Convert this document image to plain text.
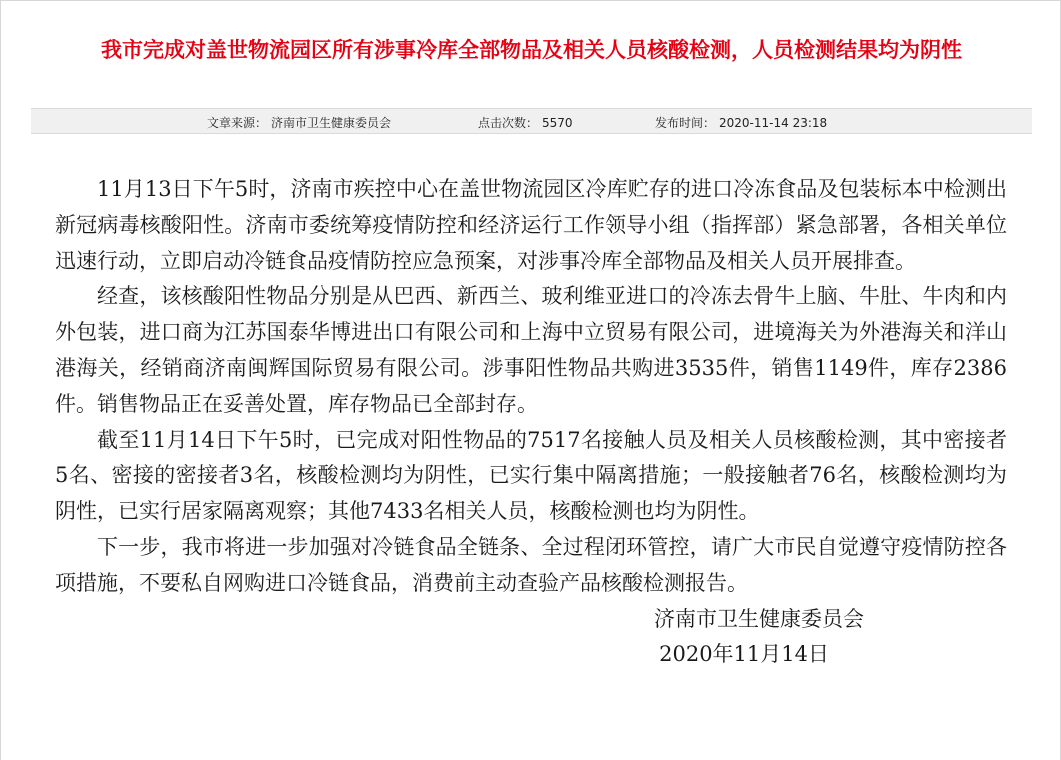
我市完成对盖世物流园区所有涉事冷库全部物品及相关人员核酸检测，人员检测结果均为阴性
文章来源： 济南市卫生健康委员会	点击次数： 5570	发布时间： 2020-11-14 23:18

11月13日下午5时，济南市疾控中心在盖世物流园区冷库贮存的进口冷冻食品及包装标本中检测出新冠病毒核酸阳性。济南市委统筹疫情防控和经济运行工作领导小组（指挥部）紧急部署，各相关单位迅速行动，立即启动冷链食品疫情防控应急预案，对涉事冷库全部物品及相关人员开展排查。

经查，该核酸阳性物品分别是从巴西、新西兰、玻利维亚进口的冷冻去骨牛上脑、牛肚、牛肉和内外包装，进口商为江苏国泰华博进出口有限公司和上海中立贸易有限公司，进境海关为外港海关和洋山港海关，经销商济南闽辉国际贸易有限公司。涉事阳性物品共购进3535件，销售1149件，库存2386件。销售物品正在妥善处置，库存物品已全部封存。

截至11月14日下午5时，已完成对阳性物品的7517名接触人员及相关人员核酸检测，其中密接者5名、密接的密接者3名，核酸检测均为阴性，已实行集中隔离措施；一般接触者76名，核酸检测均为阴性，已实行居家隔离观察；其他7433名相关人员，核酸检测也均为阴性。

下一步，我市将进一步加强对冷链食品全链条、全过程闭环管控，请广大市民自觉遵守疫情防控各项措施，不要私自网购进口冷链食品，消费前主动查验产品核酸检测报告。

济南市卫生健康委员会

2020年11月14日
